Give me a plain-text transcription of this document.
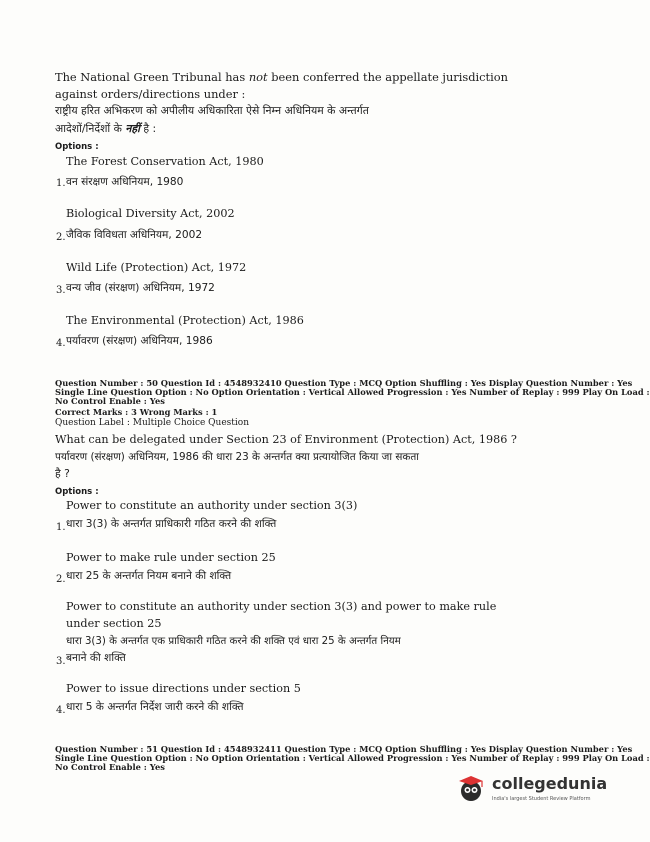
The National Green Tribunal has not been conferred the appellate jurisdiction
against orders/directions under :
राष्ट्रीय हरित अभिकरण को अपीलीय अधिकारिता ऐसे निम्न अधिनियम के अन्तर्गत
आदेशों/निर्देशों के नहीं है :
Options :
The Forest Conservation Act, 1980
1. वन संरक्षण अधिनियम, 1980
Biological Diversity Act, 2002
2. जैविक विविधता अधिनियम, 2002
Wild Life (Protection) Act, 1972
3. वन्य जीव (संरक्षण) अधिनियम, 1972
The Environmental (Protection) Act, 1986
4. पर्यावरण (संरक्षण) अधिनियम, 1986
Question Number : 50 Question Id : 4548932410 Question Type : MCQ Option Shuffling : Yes Display Question Number : Yes
Single Line Question Option : No Option Orientation : Vertical Allowed Progression : Yes Number of Replay : 999 Play On Load :
No Control Enable : Yes
Correct Marks : 3 Wrong Marks : 1
Question Label : Multiple Choice Question
What can be delegated under Section 23 of Environment (Protection) Act, 1986 ?
पर्यावरण (संरक्षण) अधिनियम, 1986 की धारा 23 के अन्तर्गत क्या प्रत्यायोजित किया जा सकता
है ?
Options :
Power to constitute an authority under section 3(3)
1. धारा 3(3) के अन्तर्गत प्राधिकारी गठित करने की शक्ति
Power to make rule under section 25
2. धारा 25 के अन्तर्गत नियम बनाने की शक्ति
Power to constitute an authority under section 3(3) and power to make rule
under section 25
धारा 3(3) के अन्तर्गत एक प्राधिकारी गठित करने की शक्ति एवं धारा 25 के अन्तर्गत नियम
3. बनाने की शक्ति
Power to issue directions under section 5
4. धारा 5 के अन्तर्गत निर्देश जारी करने की शक्ति
Question Number : 51 Question Id : 4548932411 Question Type : MCQ Option Shuffling : Yes Display Question Number : Yes
Single Line Question Option : No Option Orientation : Vertical Allowed Progression : Yes Number of Replay : 999 Play On Load :
No Control Enable : Yes
collegedunia
India's largest Student Review Platform
